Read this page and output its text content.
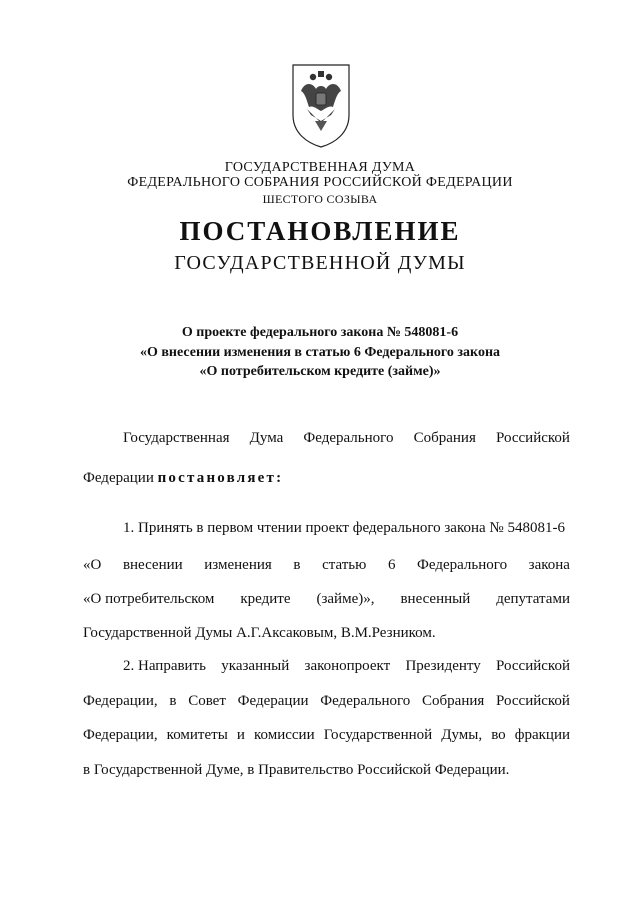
ГОСУДАРСТВЕННАЯ ДУМА
ФЕДЕРАЛЬНОГО СОБРАНИЯ РОССИЙСКОЙ ФЕДЕРАЦИИ
ШЕСТОГО СОЗЫВА
ПОСТАНОВЛЕНИЕ
ГОСУДАРСТВЕННОЙ ДУМЫ
О проекте федерального закона № 548081-6
«О внесении изменения в статью 6 Федерального закона
«О потребительском кредите (займе)»
Государственная Дума Федерального Собрания Российской
Федерации постановляет:
1. Принять в первом чтении проект федерального закона № 548081-6
«О внесении изменения в статью 6 Федерального закона
«О потребительском кредите (займе)», внесенный депутатами
Государственной Думы А.Г.Аксаковым, В.М.Резником.
2. Направить указанный законопроект Президенту Российской
Федерации, в Совет Федерации Федерального Собрания Российской
Федерации, комитеты и комиссии Государственной Думы, во фракции
в Государственной Думе, в Правительство Российской Федерации.
